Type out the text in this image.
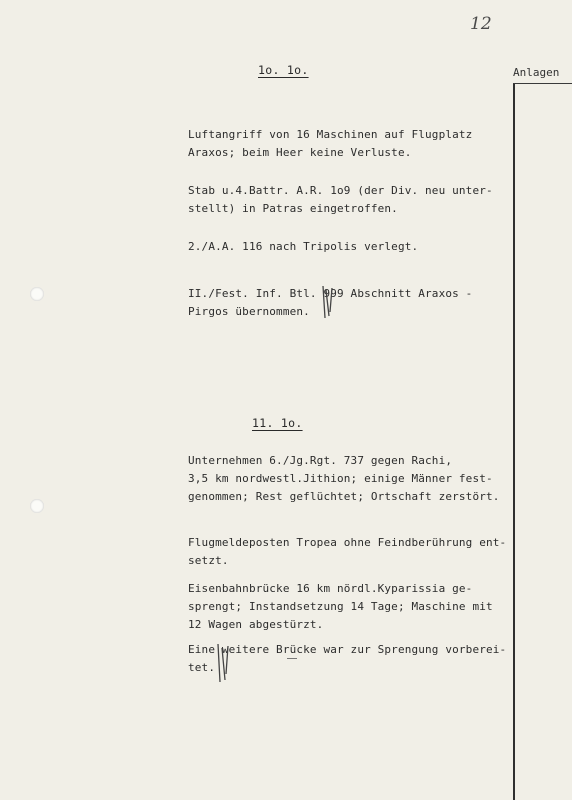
12
Anlagen
1o. 1o.
Luftangriff von 16 Maschinen auf Flugplatz
Araxos; beim Heer keine Verluste.
Stab u.4.Battr. A.R. 1o9 (der Div. neu unter-
stellt) in Patras eingetroffen.
2./A.A. 116 nach Tripolis verlegt.
II./Fest. Inf. Btl. 999 Abschnitt Araxos -
Pirgos übernommen.
11. 1o.
Unternehmen 6./Jg.Rgt. 737 gegen Rachi,
3,5 km nordwestl.Jithion; einige Männer fest-
genommen; Rest geflüchtet; Ortschaft zerstört.
Flugmeldeposten Tropea ohne Feindberührung ent-
setzt.
Eisenbahnbrücke 16 km nördl.Kyparissia ge-
sprengt; Instandsetzung 14 Tage; Maschine mit
12 Wagen abgestürzt.
Eine weitere Brücke war zur Sprengung vorberei-
tet.
